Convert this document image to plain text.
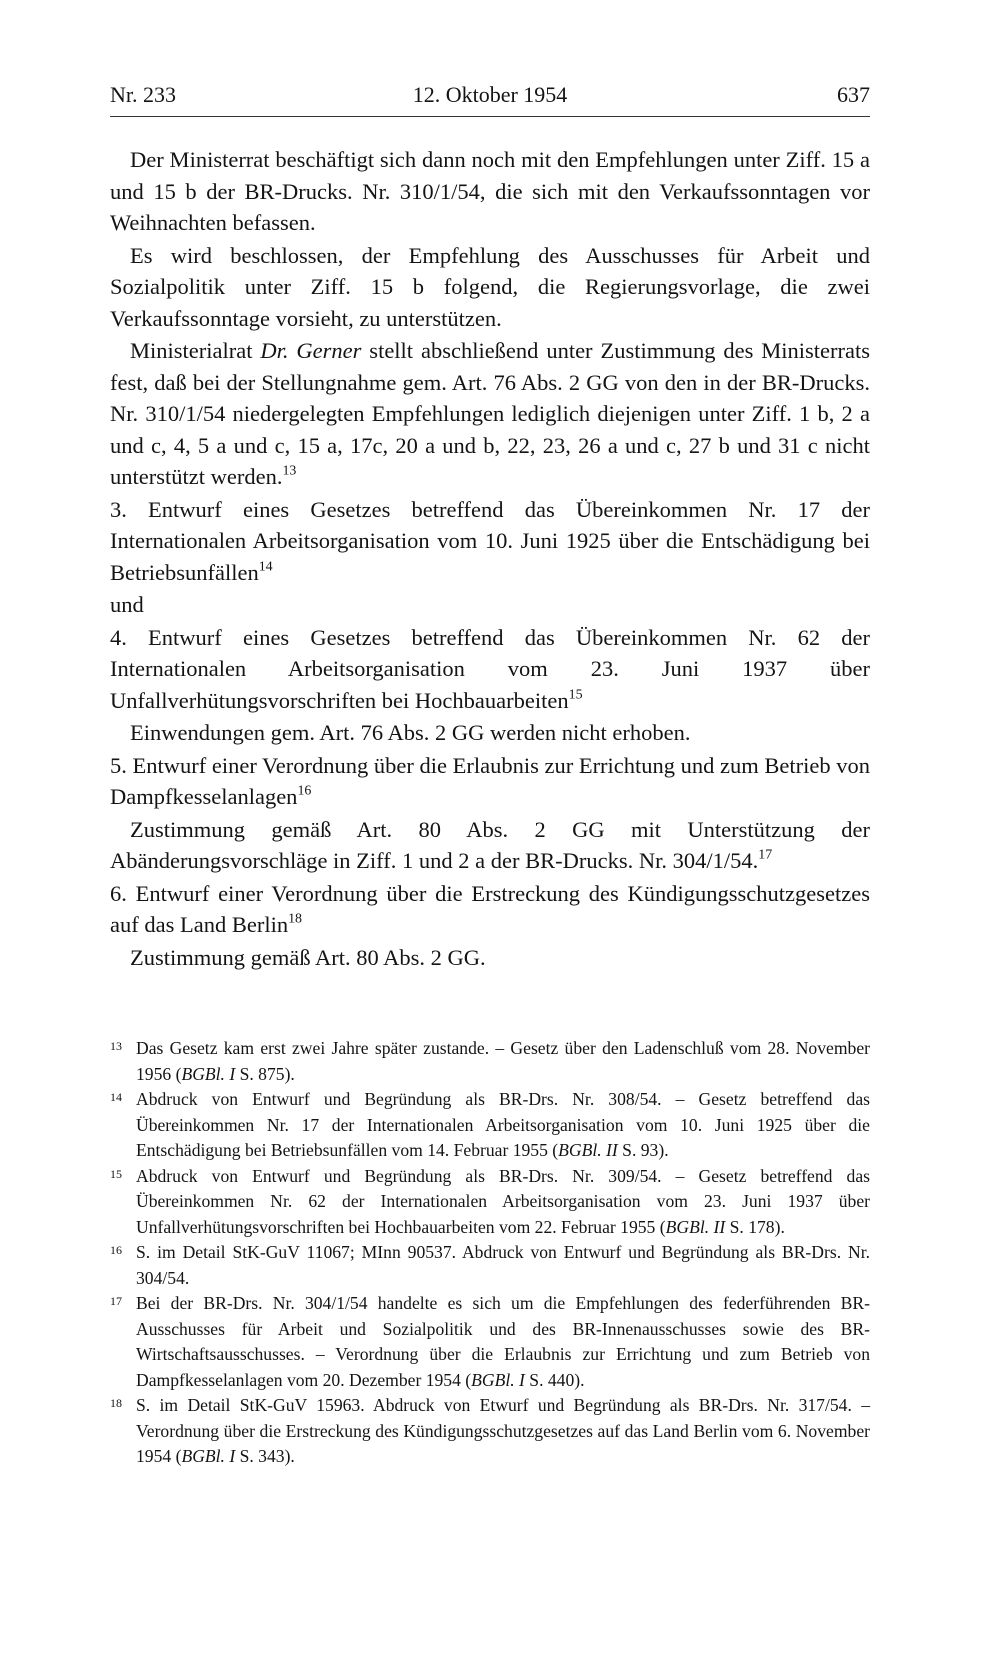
Nr. 233	12. Oktober 1954	637

Der Ministerrat beschäftigt sich dann noch mit den Empfehlungen unter Ziff. 15 a und 15 b der BR-Drucks. Nr. 310/1/54, die sich mit den Verkaufssonntagen vor Weihnachten befassen.

Es wird beschlossen, der Empfehlung des Ausschusses für Arbeit und Sozialpolitik unter Ziff. 15 b folgend, die Regierungsvorlage, die zwei Verkaufssonntage vorsieht, zu unterstützen.

Ministerialrat Dr. Gerner stellt abschließend unter Zustimmung des Ministerrats fest, daß bei der Stellungnahme gem. Art. 76 Abs. 2 GG von den in der BR-Drucks. Nr. 310/1/54 niedergelegten Empfehlungen lediglich diejenigen unter Ziff. 1 b, 2 a und c, 4, 5 a und c, 15 a, 17c, 20 a und b, 22, 23, 26 a und c, 27 b und 31 c nicht unterstützt werden.$^{13}$

3. Entwurf eines Gesetzes betreffend das Übereinkommen Nr. 17 der Internationalen Arbeitsorganisation vom 10. Juni 1925 über die Entschädigung bei Betriebsunfällen$^{14}$

und

4. Entwurf eines Gesetzes betreffend das Übereinkommen Nr. 62 der Internationalen Arbeitsorganisation vom 23. Juni 1937 über Unfallverhütungsvorschriften bei Hochbauarbeiten$^{15}$

Einwendungen gem. Art. 76 Abs. 2 GG werden nicht erhoben.

5. Entwurf einer Verordnung über die Erlaubnis zur Errichtung und zum Betrieb von Dampfkesselanlagen$^{16}$

Zustimmung gemäß Art. 80 Abs. 2 GG mit Unterstützung der Abänderungsvorschläge in Ziff. 1 und 2 a der BR-Drucks. Nr. 304/1/54.17

6. Entwurf einer Verordnung über die Erstreckung des Kündigungsschutzgesetzes auf das Land Berlin$^{18}$

Zustimmung gemäß Art. 80 Abs. 2 GG.

13 Das Gesetz kam erst zwei Jahre später zustande. – Gesetz über den Ladenschluß vom 28. November 1956 (BGBl. I S. 875).
14 Abdruck von Entwurf und Begründung als BR-Drs. Nr. 308/54. – Gesetz betreffend das Übereinkommen Nr. 17 der Internationalen Arbeitsorganisation vom 10. Juni 1925 über die Entschädigung bei Betriebsunfällen vom 14. Februar 1955 (BGBl. II S. 93).
15 Abdruck von Entwurf und Begründung als BR-Drs. Nr. 309/54. – Gesetz betreffend das Übereinkommen Nr. 62 der Internationalen Arbeitsorganisation vom 23. Juni 1937 über Unfallverhütungsvorschriften bei Hochbauarbeiten vom 22. Februar 1955 (BGBl. II S. 178).
16 S. im Detail StK-GuV 11067; MInn 90537. Abdruck von Entwurf und Begründung als BR-Drs. Nr. 304/54.
17 Bei der BR-Drs. Nr. 304/1/54 handelte es sich um die Empfehlungen des federführenden BR-Ausschusses für Arbeit und Sozialpolitik und des BR-Innenausschusses sowie des BR-Wirtschaftsausschusses. – Verordnung über die Erlaubnis zur Errichtung und zum Betrieb von Dampfkesselanlagen vom 20. Dezember 1954 (BGBl. I S. 440).
18 S. im Detail StK-GuV 15963. Abdruck von Etwurf und Begründung als BR-Drs. Nr. 317/54. – Verordnung über die Erstreckung des Kündigungsschutzgesetzes auf das Land Berlin vom 6. November 1954 (BGBl. I S. 343).
